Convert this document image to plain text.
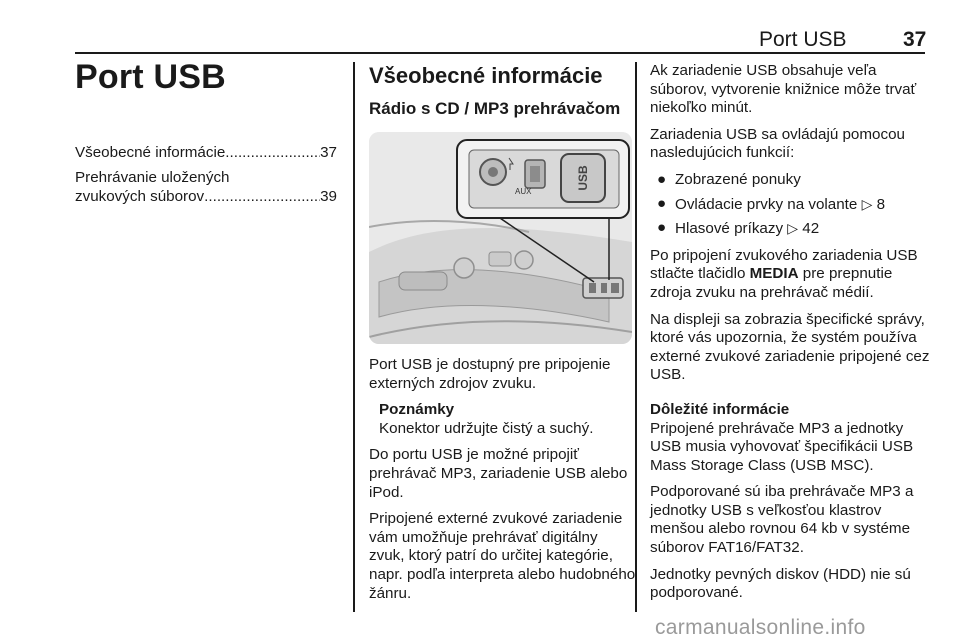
Port USB	37
Port USB
Všeobecné informácie .....	37
Prehrávanie uložených
zvukových súborov .....	39
Všeobecné informácie
Rádio s CD / MP3 prehrávačom
AUX
USB

Port USB je dostupný pre pripojenie externých zdrojov zvuku.

Poznámky
Konektor udržujte čistý a suchý.

Do portu USB je možné pripojiť prehrávač MP3, zariadenie USB alebo iPod.

Pripojené externé zvukové zariadenie vám umožňuje prehrávať digitálny zvuk, ktorý patrí do určitej kategórie, napr. podľa interpreta alebo hudobného žánru.

Ak zariadenie USB obsahuje veľa súborov, vytvorenie knižnice môže trvať niekoľko minút.

Zariadenia USB sa ovládajú pomocou nasledujúcich funkcií:

● Zobrazené ponuky
● Ovládacie prvky na volante ▷ 8
● Hlasové príkazy ▷ 42

Po pripojení zvukového zariadenia USB stlačte tlačidlo MEDIA pre prepnutie zdroja zvuku na prehrávač médií.

Na displeji sa zobrazia špecifické správy, ktoré vás upozornia, že systém používa externé zvukové zariadenie pripojené cez USB.

Dôležité informácie

Pripojené prehrávače MP3 a jednotky USB musia vyhovovať špecifikácii USB Mass Storage Class (USB MSC).

Podporované sú iba prehrávače MP3 a jednotky USB s veľkosťou klastrov menšou alebo rovnou 64 kb v systéme súborov FAT16/FAT32.

Jednotky pevných diskov (HDD) nie sú podporované.

carmanualsonline.info
